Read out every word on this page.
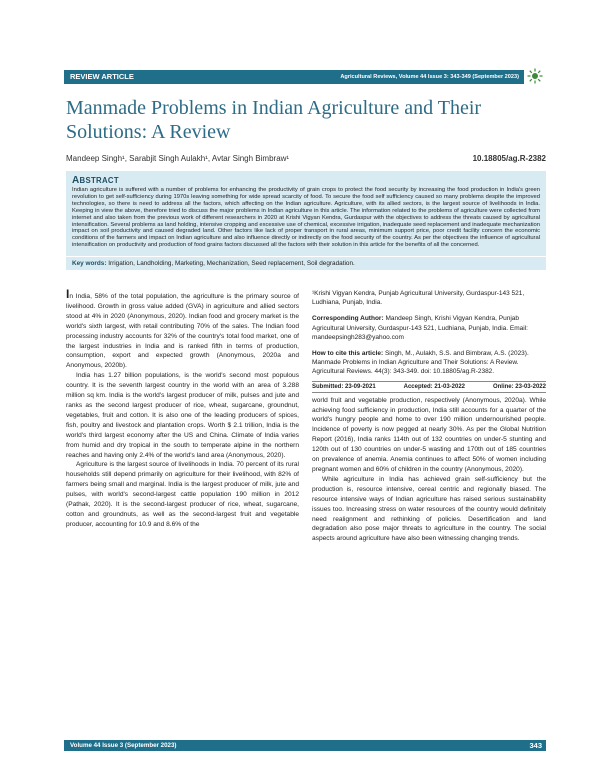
REVIEW ARTICLE	Agricultural Reviews, Volume 44 Issue 3: 343-349 (September 2023)
Manmade Problems in Indian Agriculture and Their Solutions: A Review
Mandeep Singh¹, Sarabjit Singh Aulakh¹, Avtar Singh Bimbraw¹	10.18805/ag.R-2382
ABSTRACT
Indian agriculture is suffered with a number of problems for enhancing the productivity of grain crops to protect the food security by increasing the food production in India's green revolution to get self-sufficiency during 1970s leaving something for wide spread scarcity of food. To secure the food self sufficiency caused so many problems despite the improved technologies, so there is need to address all the factors, which affecting on the Indian agriculture. Agriculture, with its allied sectors, is the largest source of livelihoods in India. Keeping in view the above, therefore tried to discuss the major problems in Indian agriculture in this article. The information related to the problems of agriculture were collected from internet and also taken from the previous work of different researchers in 2020 at Krishi Vigyan Kendra, Gurdaspur with the objectives to address the threats caused by agricultural intensification. Several problems as land holding, intensive cropping and excessive use of chemical, excessive irrigation, inadequate seed replacement and inadequate mechanization impact on soil productivity and caused degraded land. Other factors like lack of proper transport in rural areas, minimum support price, poor credit facility concern the economic conditions of the farmers and impact on Indian agriculture and also influence directly or indirectly on the food security of the country. As per the objectives the influence of agricultural intensification on productivity and production of food grains factors discussed all the factors with their solution in this article for the benefits of all the concerned.
Key words: Irrigation, Landholding, Marketing, Mechanization, Seed replacement, Soil degradation.

In India, 58% of the total population, the agriculture is the primary source of livelihood. Growth in gross value added (GVA) in agriculture and allied sectors stood at 4% in 2020 (Anonymous, 2020). Indian food and grocery market is the world's sixth largest, with retail contributing 70% of the sales. The Indian food processing industry accounts for 32% of the country's total food market, one of the largest industries in India and is ranked fifth in terms of production, consumption, export and expected growth (Anonymous, 2020a and Anonymous, 2020b).

India has 1.27 billion populations, is the world's second most populous country. It is the seventh largest country in the world with an area of 3.288 million sq km. India is the world's largest producer of milk, pulses and jute and ranks as the second largest producer of rice, wheat, sugarcane, groundnut, vegetables, fruit and cotton. It is also one of the leading producers of spices, fish, poultry and livestock and plantation crops. Worth $ 2.1 trillion, India is the world's third largest economy after the US and China. Climate of India varies from humid and dry tropical in the south to temperate alpine in the northern reaches and having only 2.4% of the world's land area (Anonymous, 2020).

Agriculture is the largest source of livelihoods in India. 70 percent of its rural households still depend primarily on agriculture for their livelihood, with 82% of farmers being small and marginal. India is the largest producer of milk, jute and pulses, with world's second-largest cattle population 190 million in 2012 (Pathak, 2020). It is the second-largest producer of rice, wheat, sugarcane, cotton and groundnuts, as well as the second-largest fruit and vegetable producer, accounting for 10.9 and 8.6% of the

¹Krishi Vigyan Kendra, Punjab Agricultural University, Gurdaspur-143 521, Ludhiana, Punjab, India.
Corresponding Author: Mandeep Singh, Krishi Vigyan Kendra, Punjab Agricultural University, Gurdaspur-143 521, Ludhiana, Punjab, India. Email: mandeepsingh283@yahoo.com
How to cite this article: Singh, M., Aulakh, S.S. and Bimbraw, A.S. (2023). Manmade Problems in Indian Agriculture and Their Solutions: A Review. Agricultural Reviews. 44(3): 343-349. doi: 10.18805/ag.R-2382.
Submitted: 23-09-2021	Accepted: 21-03-2022	Online: 23-03-2022

world fruit and vegetable production, respectively (Anonymous, 2020a). While achieving food sufficiency in production, India still accounts for a quarter of the world's hungry people and home to over 190 million undernourished people. Incidence of poverty is now pegged at nearly 30%. As per the Global Nutrition Report (2016), India ranks 114th out of 132 countries on under-5 stunting and 120th out of 130 countries on under-5 wasting and 170th out of 185 countries on prevalence of anemia. Anemia continues to affect 50% of women including pregnant women and 60% of children in the country (Anonymous, 2020).

While agriculture in India has achieved grain self-sufficiency but the production is, resource intensive, cereal centric and regionally biased. The resource intensive ways of Indian agriculture has raised serious sustainability issues too. Increasing stress on water resources of the country would definitely need realignment and rethinking of policies. Desertification and land degradation also pose major threats to agriculture in the country. The social aspects around agriculture have also been witnessing changing trends.

Volume 44 Issue 3 (September 2023)	343
